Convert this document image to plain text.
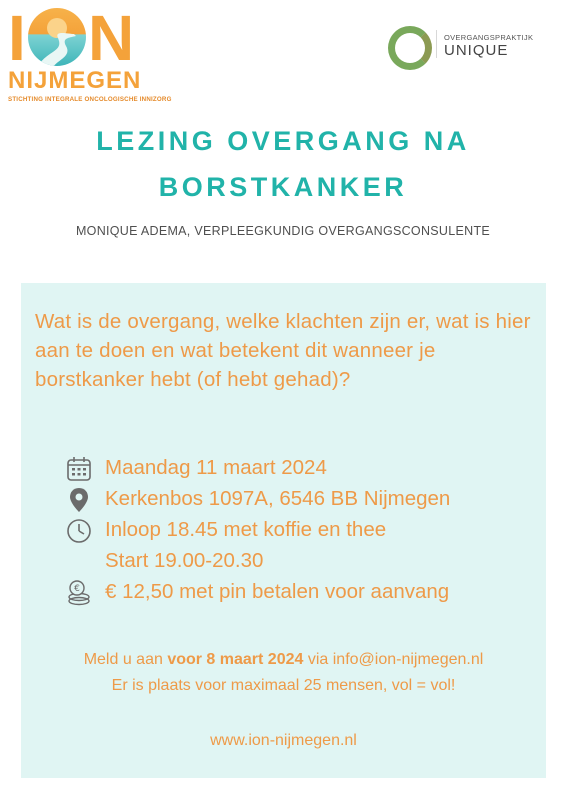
I N
NIJMEGEN
STICHTING INTEGRALE ONCOLOGISCHE INNIZORG
OVERGANGSPRAKTIJK
UNIQUE
LEZING OVERGANG NA
BORSTKANKER
MONIQUE ADEMA, VERPLEEGKUNDIG OVERGANGSCONSULENTE
Wat is de overgang, welke klachten zijn er, wat is hier aan te doen en wat betekent dit wanneer je borstkanker hebt (of hebt gehad)?
Maandag 11 maart 2024
Kerkenbos 1097A, 6546 BB Nijmegen
Inloop 18.45 met koffie en thee
Start 19.00-20.30
€ € 12,50 met pin betalen voor aanvang
Meld u aan voor 8 maart 2024 via info@ion-nijmegen.nl
Er is plaats voor maximaal 25 mensen, vol = vol!
www.ion-nijmegen.nl
